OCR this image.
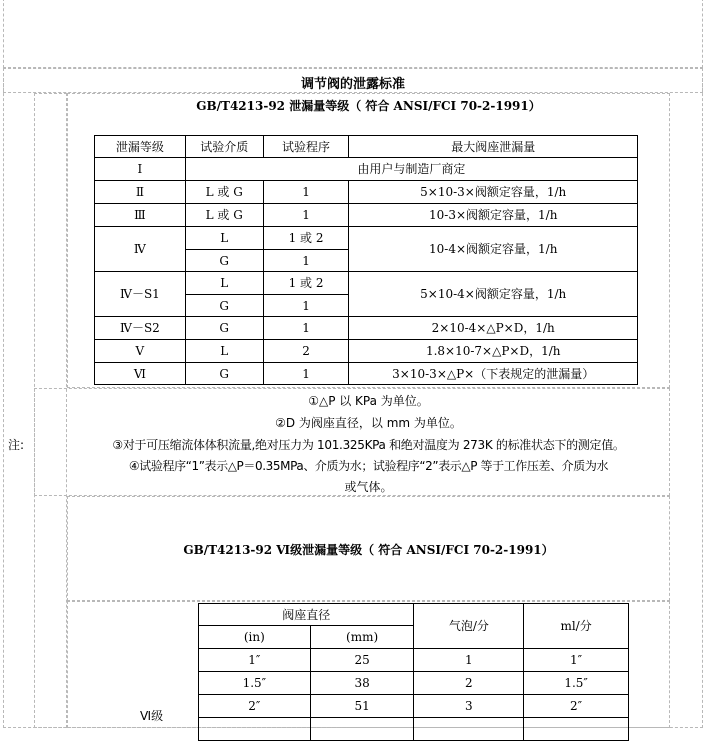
调节阀的泄露标准
GB/T4213-92 泄漏量等级（ 符合 ANSI/FCI 70-2-1991）
泄漏等级	试验介质	试验程序	最大阀座泄漏量
Ⅰ	由用户与制造厂商定		
Ⅱ	L 或 G	1	5×10-3×阀额定容量，1/h
Ⅲ	L 或 G	1	10-3×阀额定容量，1/h
Ⅳ	L	1 或 2	10-4×阀额定容量，1/h
	G	1	
Ⅳ－S1	L	1 或 2	5×10-4×阀额定容量，1/h
	G	1	
Ⅳ－S2	G	1	2×10-4×△P×D，1/h
Ⅴ	L	2	1.8×10-7×△P×D，1/h
Ⅵ	G	1	3×10-3×△P×（下表规定的泄漏量）
注:
①△P 以 KPa 为单位。
②D 为阀座直径，以 mm 为单位。
③对于可压缩流体体积流量,绝对压力为 101.325KPa 和绝对温度为 273K 的标准状态下的测定值。
④试验程序“1”表示△P＝0.35MPa、介质为水；试验程序“2”表示△P 等于工作压差、介质为水
或气体。
GB/T4213-92 Ⅵ级泄漏量等级（ 符合 ANSI/FCI 70-2-1991）
Ⅵ级
阀座直径		气泡/分	ml/分
(in)	(mm)		
1″	25	1	1″
1.5″	38	2	1.5″
2″	51	3	2″
